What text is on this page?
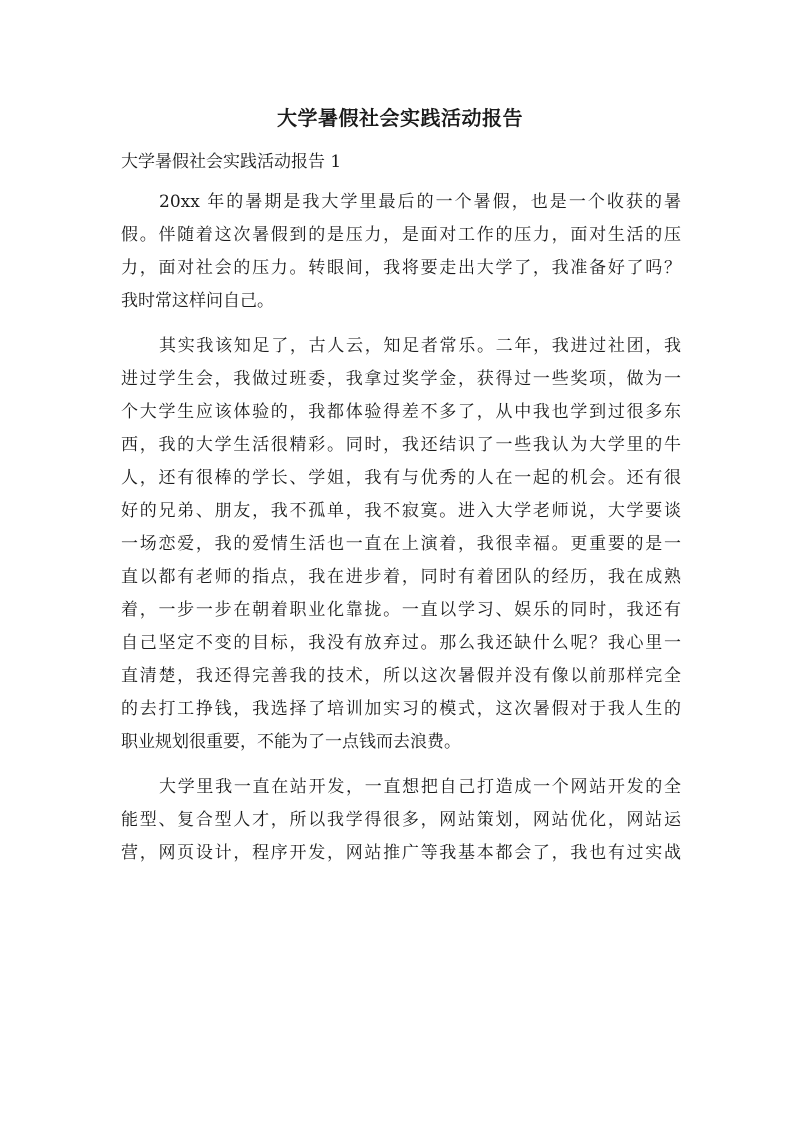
大学暑假社会实践活动报告
大学暑假社会实践活动报告 1
20xx 年的暑期是我大学里最后的一个暑假，也是一个收获的暑
假。伴随着这次暑假到的是压力，是面对工作的压力，面对生活的压
力，面对社会的压力。转眼间，我将要走出大学了，我准备好了吗？
我时常这样问自己。
其实我该知足了，古人云，知足者常乐。二年，我进过社团，我
进过学生会，我做过班委，我拿过奖学金，获得过一些奖项，做为一
个大学生应该体验的，我都体验得差不多了，从中我也学到过很多东
西，我的大学生活很精彩。同时，我还结识了一些我认为大学里的牛
人，还有很棒的学长、学姐，我有与优秀的人在一起的机会。还有很
好的兄弟、朋友，我不孤单，我不寂寞。进入大学老师说，大学要谈
一场恋爱，我的爱情生活也一直在上演着，我很幸福。更重要的是一
直以都有老师的指点，我在进步着，同时有着团队的经历，我在成熟
着，一步一步在朝着职业化靠拢。一直以学习、娱乐的同时，我还有
自己坚定不变的目标，我没有放弃过。那么我还缺什么呢？我心里一
直清楚，我还得完善我的技术，所以这次暑假并没有像以前那样完全
的去打工挣钱，我选择了培训加实习的模式，这次暑假对于我人生的
职业规划很重要，不能为了一点钱而去浪费。
大学里我一直在站开发，一直想把自己打造成一个网站开发的全
能型、复合型人才，所以我学得很多，网站策划，网站优化，网站运
营，网页设计，程序开发，网站推广等我基本都会了，我也有过实战
